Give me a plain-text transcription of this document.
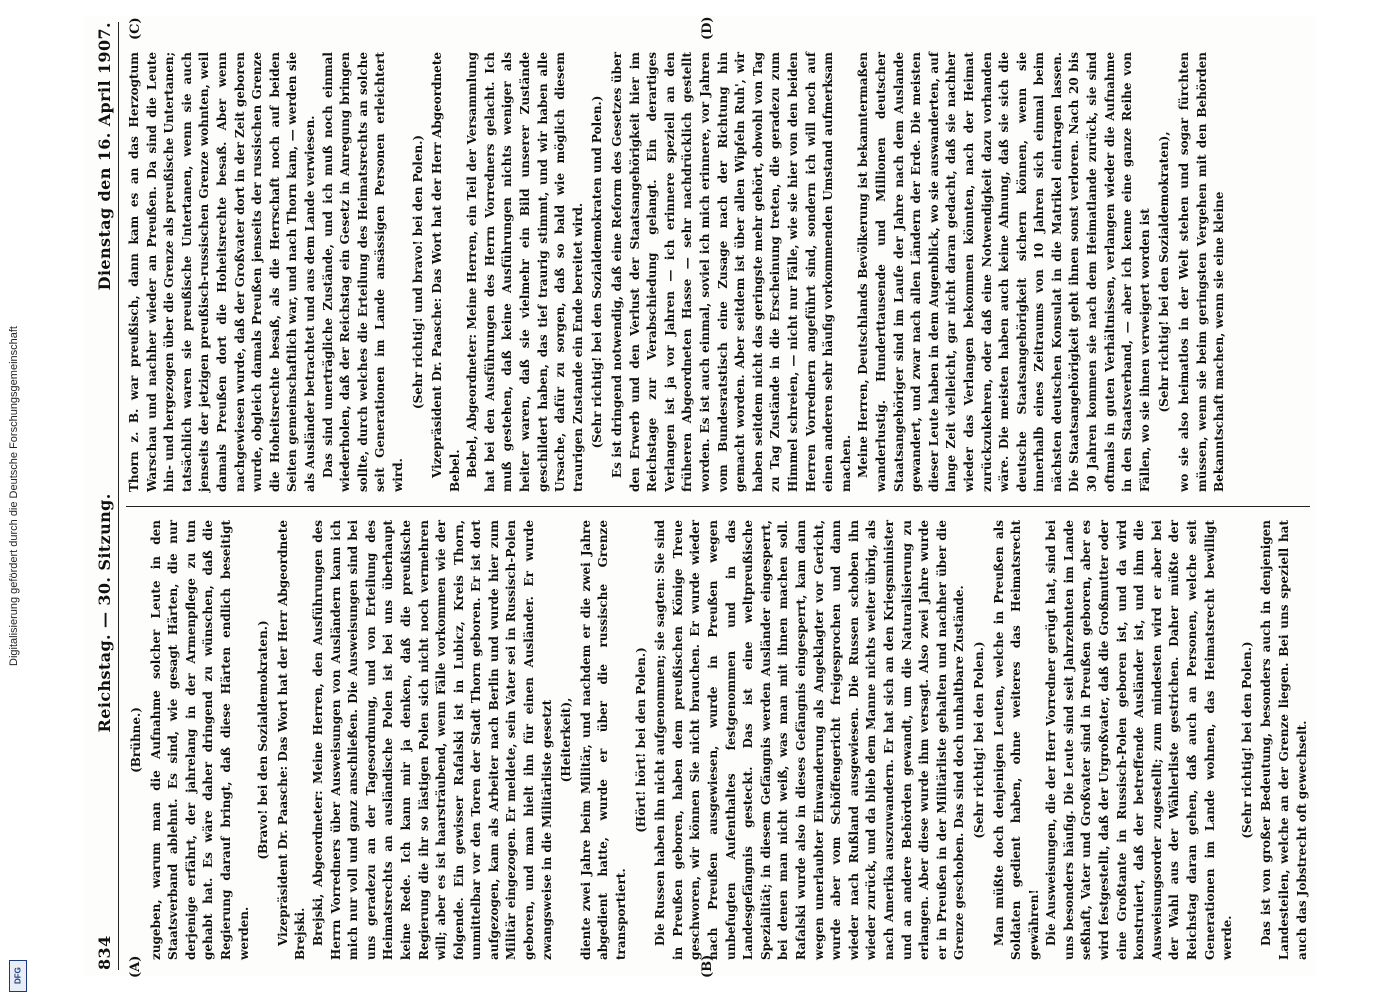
834
Reichstag. — 30. Sitzung.
Dienstag den 16. April 1907.
(A)	(B)
(C)	(D)

(Brühne.) zugeben, warum man die Aufnahme solcher Leute in den Staatsverband ablehnt. Es sind, wie gesagt Härten, die nur derjenige erfährt, der jahrelang in der Armenpflege zu tun gehabt hat. Es wäre daher dringend zu wünschen, daß die Regierung darauf bringt, daß diese Härten endlich beseitigt werden.

(Bravo! bei den Sozialdemokraten.) Vizepräsident Dr. Paasche: Das Wort hat der Herr Abgeordnete Brejski. Brejski, Abgeordneter: Meine Herren, den Ausführungen des Herrn Vorredners über Ausweisungen von Ausländern kann ich mich nur voll und ganz anschließen. Die Ausweisungen sind bei uns geradezu an der Tagesordnung, und von Erteilung des Heimatsrechts an ausländische Polen ist bei uns überhaupt keine Rede. Ich kann mir ja denken, daß die preußische Regierung die ihr so lästigen Polen sich nicht noch vermehren will; aber es ist haarsträubend, wenn Fälle vorkommen wie der folgende. Ein gewisser Rafalski ist in Lubicz, Kreis Thorn, unmittelbar vor den Toren der Stadt Thorn geboren. Er ist dort aufgezogen, kam als Arbeiter nach Berlin und wurde hier zum Militär eingezogen. Er meldete, sein Vater sei in Russisch-Polen geboren, und man hielt ihn für einen Ausländer. Er wurde zwangsweise in die Militärliste gesetzt (Heiterkeit), diente zwei Jahre beim Militär, und nachdem er die zwei Jahre abgedient hatte, wurde er über die russische Grenze transportiert.

(Hört! hört! bei den Polen.) Die Russen haben ihn nicht aufgenommen; sie sagten: Sie sind in Preußen geboren, haben dem preußischen Könige Treue geschworen, wir können Sie nicht brauchen. Er wurde wieder nach Preußen ausgewiesen, wurde in Preußen wegen unbefugten Aufenthaltes festgenommen und in das Landesgefängnis gesteckt. Das ist eine weltpreußische Spezialität; in diesem Gefängnis werden Ausländer eingesperrt, bei denen man nicht weiß, was man mit ihnen machen soll. Rafalski wurde also in dieses Gefängnis eingesperrt, kam dann wegen unerlaubter Einwanderung als Angeklagter vor Gericht, wurde aber vom Schöffengericht freigesprochen und dann wieder nach Rußland ausgewiesen. Die Russen schoben ihn wieder zurück, und da blieb dem Manne nichts weiter übrig, als nach Amerika auszuwandern. Er hat sich an den Kriegsminister und an andere Behörden gewandt, um die Naturalisierung zu erlangen. Aber diese wurde ihm versagt. Also zwei Jahre wurde er in Preußen in der Militärliste gehalten und nachher über die Grenze geschoben. Das sind doch unhaltbare Zustände. (Sehr richtig! bei den Polen.) Man müßte doch denjenigen Leuten, welche in Preußen als Soldaten gedient haben, ohne weiteres das Heimatsrecht gewähren! Die Ausweisungen, die der Herr Vorredner gerügt hat, sind bei uns besonders häufig. Die Leute sind seit Jahrzehnten im Lande seßhaft, Vater und Großvater sind in Preußen geboren, aber es wird festgestellt, daß der Urgroßvater, daß die Großmutter oder eine Großtante in Russisch-Polen geboren ist, und da wird konstruiert, daß der betreffende Ausländer ist, und ihm die Ausweisungsorder zugestellt; zum mindesten wird er aber bei der Wahl aus der Wählerliste gestrichen. Daher müßte der Reichstag daran gehen, daß auch an Personen, welche seit Generationen im Lande wohnen, das Heimatsrecht bewilligt werde.

(Sehr richtig! bei den Polen.) Das ist von großer Bedeutung, besonders auch in denjenigen Landesteilen, welche an der Grenze liegen. Bei uns speziell hat auch das Jobstrecht oft gewechselt.

Thorn z. B. war preußisch, dann kam es an das Herzogtum Warschau und nachher wieder an Preußen. Da sind die Leute hin- und hergezogen über die Grenze als preußische Untertanen; tatsächlich waren sie preußische Untertanen, wenn sie auch jenseits der jetzigen preußisch-russischen Grenze wohnten, weil damals Preußen dort die Hoheitsrechte besaß. Aber wenn nachgewiesen wurde, daß der Großvater dort in der Zeit geboren wurde, obgleich damals Preußen jenseits der russischen Grenze die Hoheitsrechte besaß, als die Herrschaft noch auf beiden Seiten gemeinschaftlich war, und nach Thorn kam, — werden sie als Ausländer betrachtet und aus dem Lande verwiesen. Das sind unerträgliche Zustände, und ich muß noch einmal wiederholen, daß der Reichstag ein Gesetz in Anregung bringen sollte, durch welches die Erteilung des Heimatsrechts an solche seit Generationen im Lande ansässigen Personen erleichtert wird.

(Sehr richtig! und bravo! bei den Polen.) Vizepräsident Dr. Paasche: Das Wort hat der Herr Abgeordnete Bebel. Bebel, Abgeordneter: Meine Herren, ein Teil der Versammlung hat bei den Ausführungen des Herrn Vorredners gelacht. Ich muß gestehen, daß keine Ausführungen nichts weniger als heiter waren, daß sie vielmehr ein Bild unserer Zustände geschildert haben, das tief traurig stimmt, und wir haben alle Ursache, dafür zu sorgen, daß so bald wie möglich diesem traurigen Zustande ein Ende bereitet wird. (Sehr richtig! bei den Sozialdemokraten und Polen.) Es ist dringend notwendig, daß eine Reform des Gesetzes über den Erwerb und den Verlust der Staatsangehörigkeit hier im Reichstage zur Verabschiedung gelangt. Ein derartiges Verlangen ist ja vor Jahren — ich erinnere speziell an den früheren Abgeordneten Hasse — sehr nachdrücklich gestellt worden. Es ist auch einmal, soviel ich mich erinnere, vor Jahren vom Bundesratstisch eine Zusage nach der Richtung hin gemacht worden. Aber seitdem ist über allen Wipfeln Ruh', wir haben seitdem nicht das geringste mehr gehört, obwohl von Tag zu Tag Zustände in die Erscheinung treten, die geradezu zum Himmel schreien, — nicht nur Fälle, wie sie hier von den beiden Herren Vorrednern angeführt sind, sondern ich will noch auf einen anderen sehr häufig vorkommenden Umstand aufmerksam machen. Meine Herren, Deutschlands Bevölkerung ist bekanntermaßen wanderlustig. Hunderttausende und Millionen deutscher Staatsangehöriger sind im Laufe der Jahre nach dem Auslande gewandert, und zwar nach allen Ländern der Erde. Die meisten dieser Leute haben in dem Augenblick, wo sie auswanderten, auf lange Zeit vielleicht, gar nicht daran gedacht, daß sie nachher wieder das Verlangen bekommen könnten, nach der Heimat zurückzukehren, oder daß eine Notwendigkeit dazu vorhanden wäre. Die meisten haben auch keine Ahnung, daß sie sich die deutsche Staatsangehörigkeit sichern können, wenn sie innerhalb eines Zeitraums von 10 Jahren sich einmal beim nächsten deutschen Konsulat in die Matrikel eintragen lassen. Die Staatsangehörigkeit geht ihnen sonst verloren. Nach 20 bis 30 Jahren kommen sie nach dem Heimatlande zurück, sie sind oftmals in guten Verhältnissen, verlangen wieder die Aufnahme in den Staatsverband, — aber ich kenne eine ganze Reihe von Fällen, wo sie ihnen verweigert worden ist (Sehr richtig! bei den Sozialdemokraten), wo sie also heimatlos in der Welt stehen und sogar fürchten müssen, wenn sie beim geringsten Vergehen mit den Behörden Bekanntschaft machen, wenn sie eine kleine

Digitalisierung gefördert durch die Deutsche Forschungsgemeinschaft
DFG
